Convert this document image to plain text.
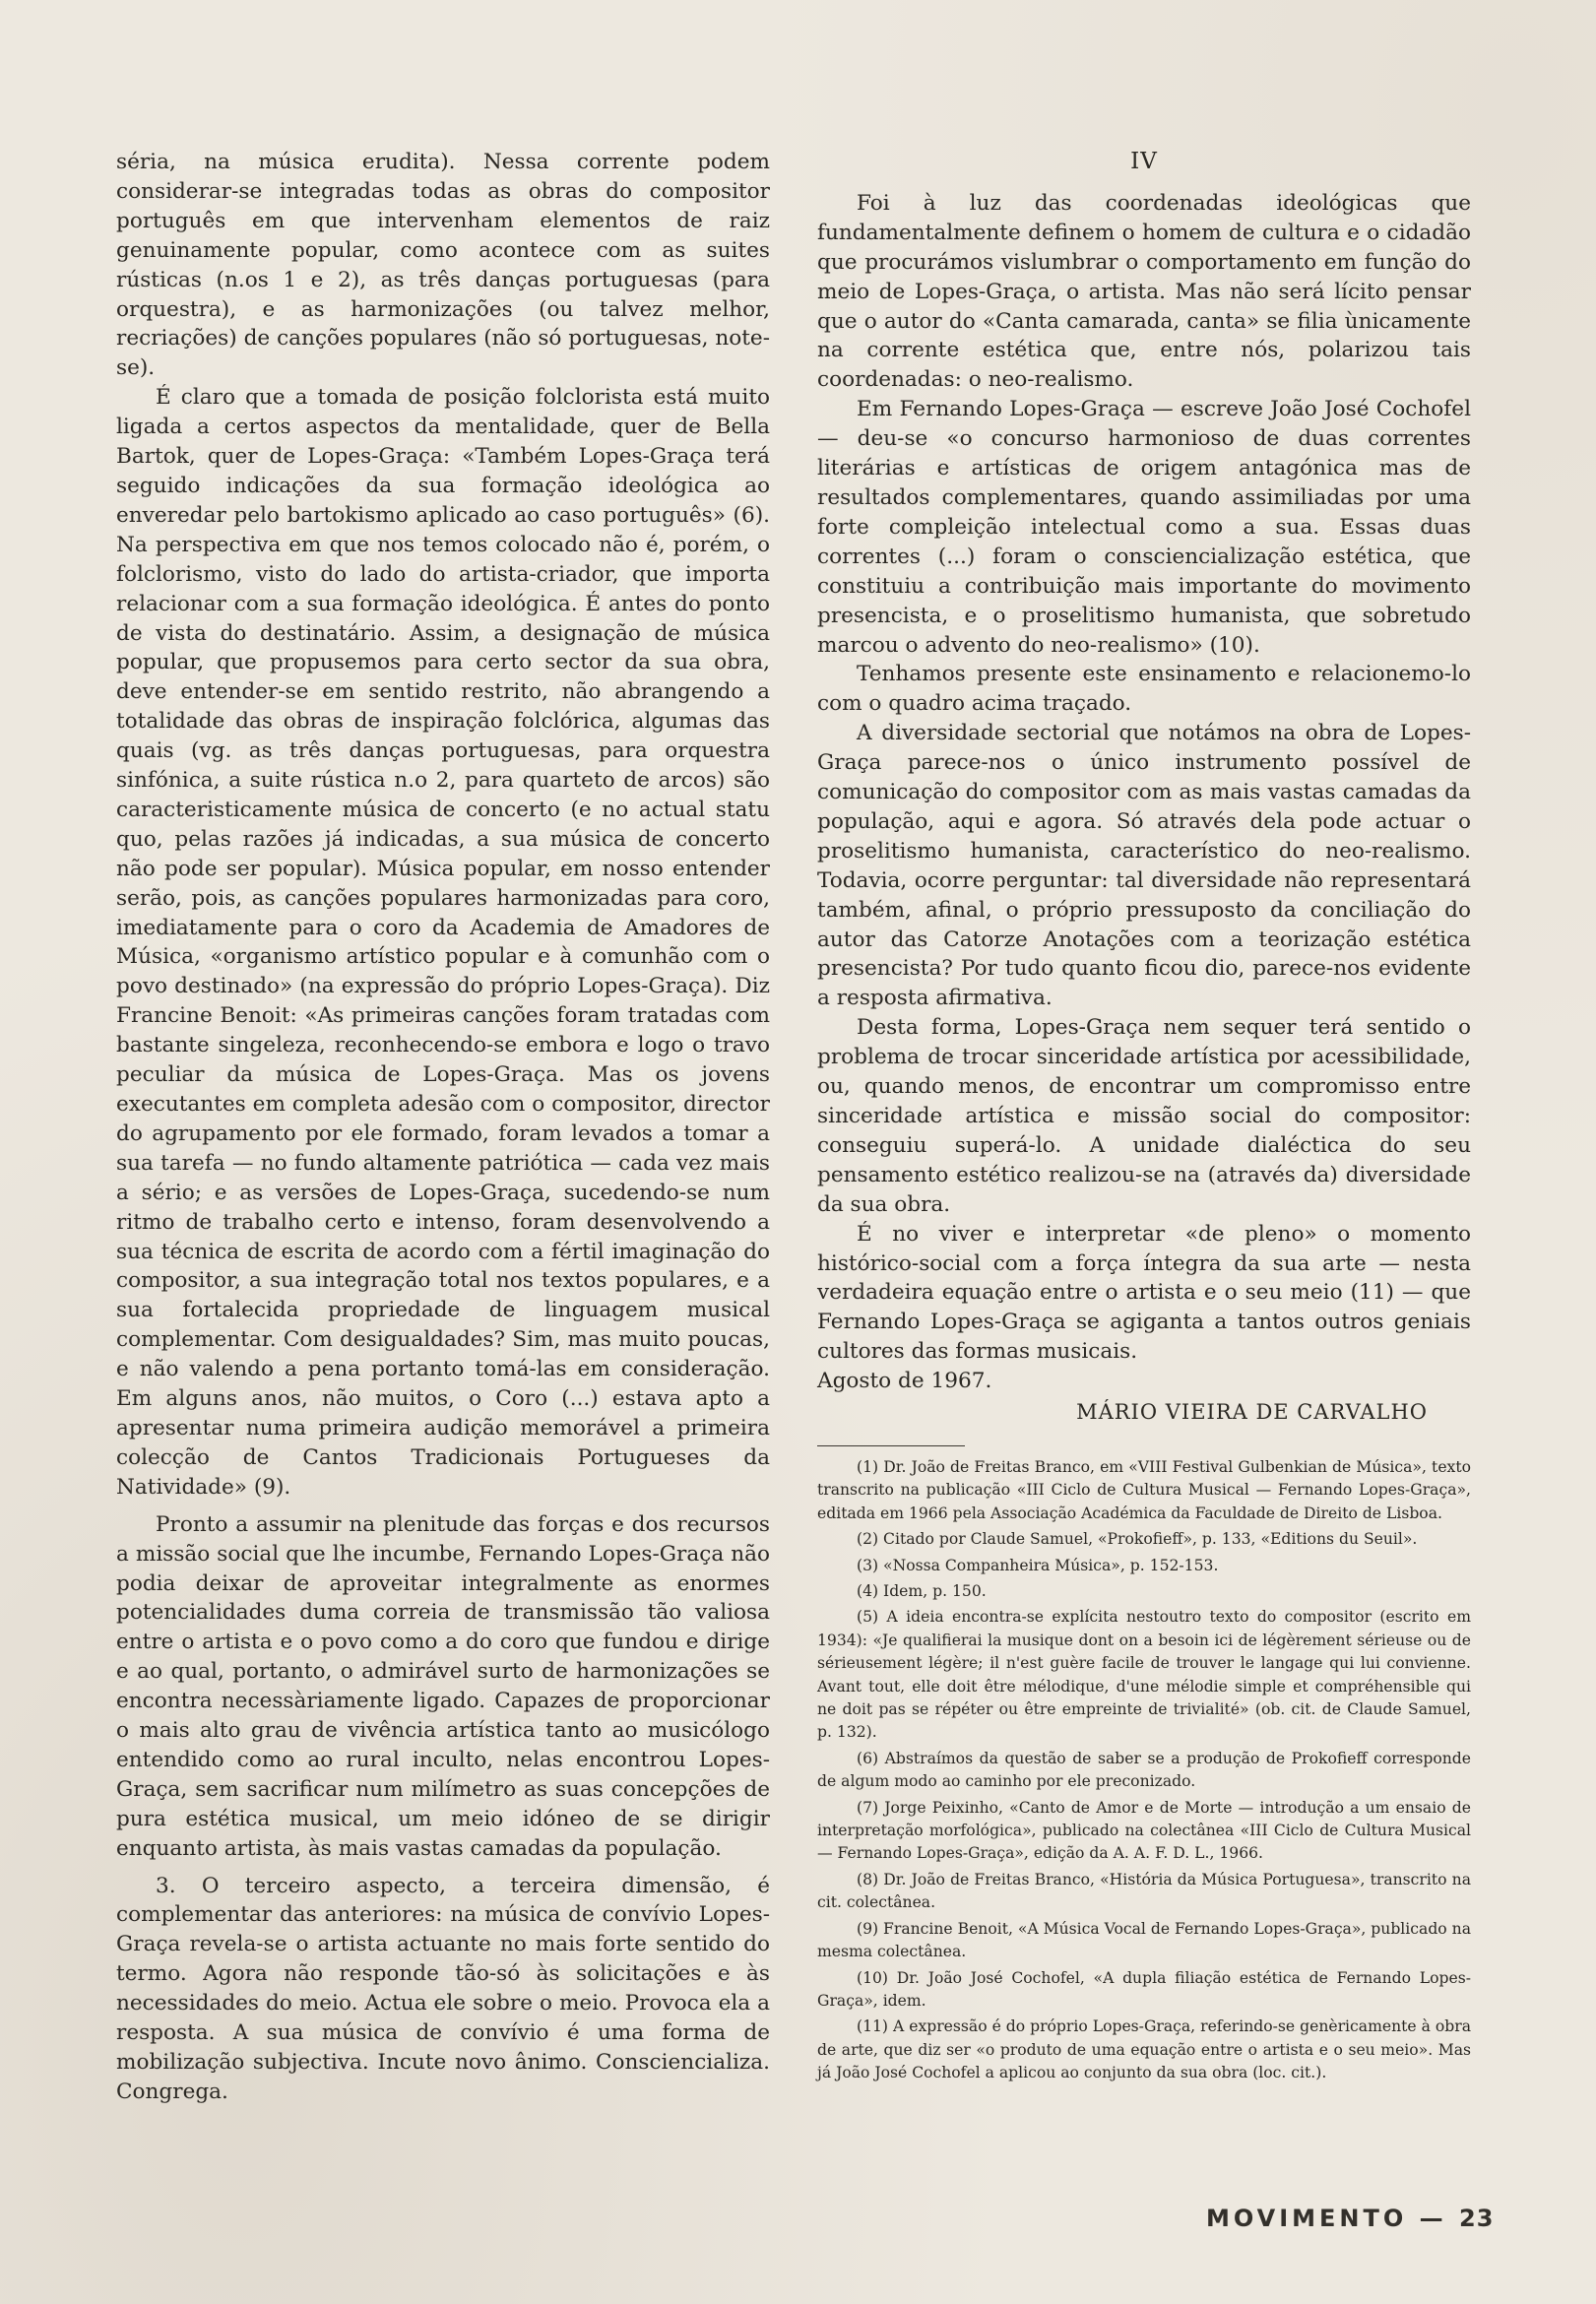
séria, na música erudita). Nessa corrente podem considerar-se integradas todas as obras do compositor português em que intervenham elementos de raiz genuinamente popular, como acontece com as suites rústicas (n.os 1 e 2), as três danças portuguesas (para orquestra), e as harmonizações (ou talvez melhor, recriações) de canções populares (não só portuguesas, note-se).

É claro que a tomada de posição folclorista está muito ligada a certos aspectos da mentalidade, quer de Bella Bartok, quer de Lopes-Graça: «Também Lopes-Graça terá seguido indicações da sua formação ideológica ao enveredar pelo bartokismo aplicado ao caso português» (6). Na perspectiva em que nos temos colocado não é, porém, o folclorismo, visto do lado do artista-criador, que importa relacionar com a sua formação ideológica. É antes do ponto de vista do destinatário. Assim, a designação de música popular, que propusemos para certo sector da sua obra, deve entender-se em sentido restrito, não abrangendo a totalidade das obras de inspiração folclórica, algumas das quais (vg. as três danças portuguesas, para orquestra sinfónica, a suite rústica n.o 2, para quarteto de arcos) são caracteristicamente música de concerto (e no actual statu quo, pelas razões já indicadas, a sua música de concerto não pode ser popular). Música popular, em nosso entender serão, pois, as canções populares harmonizadas para coro, imediatamente para o coro da Academia de Amadores de Música, «organismo artístico popular e à comunhão com o povo destinado» (na expressão do próprio Lopes-Graça). Diz Francine Benoit: «As primeiras canções foram tratadas com bastante singeleza, reconhecendo-se embora e logo o travo peculiar da música de Lopes-Graça. Mas os jovens executantes em completa adesão com o compositor, director do agrupamento por ele formado, foram levados a tomar a sua tarefa — no fundo altamente patriótica — cada vez mais a sério; e as versões de Lopes-Graça, sucedendo-se num ritmo de trabalho certo e intenso, foram desenvolvendo a sua técnica de escrita de acordo com a fértil imaginação do compositor, a sua integração total nos textos populares, e a sua fortalecida propriedade de linguagem musical complementar. Com desigualdades? Sim, mas muito poucas, e não valendo a pena portanto tomá-las em consideração. Em alguns anos, não muitos, o Coro (...) estava apto a apresentar numa primeira audição memorável a primeira colecção de Cantos Tradicionais Portugueses da Natividade» (9).

Pronto a assumir na plenitude das forças e dos recursos a missão social que lhe incumbe, Fernando Lopes-Graça não podia deixar de aproveitar integralmente as enormes potencialidades duma correia de transmissão tão valiosa entre o artista e o povo como a do coro que fundou e dirige e ao qual, portanto, o admirável surto de harmonizações se encontra necessàriamente ligado. Capazes de proporcionar o mais alto grau de vivência artística tanto ao musicólogo entendido como ao rural inculto, nelas encontrou Lopes-Graça, sem sacrificar num milímetro as suas concepções de pura estética musical, um meio idóneo de se dirigir enquanto artista, às mais vastas camadas da população.

3. O terceiro aspecto, a terceira dimensão, é complementar das anteriores: na música de convívio Lopes-Graça revela-se o artista actuante no mais forte sentido do termo. Agora não responde tão-só às solicitações e às necessidades do meio. Actua ele sobre o meio. Provoca ela a resposta. A sua música de convívio é uma forma de mobilização subjectiva. Incute novo ânimo. Consciencializa. Congrega.

IV

Foi à luz das coordenadas ideológicas que fundamentalmente definem o homem de cultura e o cidadão que procurámos vislumbrar o comportamento em função do meio de Lopes-Graça, o artista. Mas não será lícito pensar que o autor do «Canta camarada, canta» se filia ùnicamente na corrente estética que, entre nós, polarizou tais coordenadas: o neo-realismo.

Em Fernando Lopes-Graça — escreve João José Cochofel — deu-se «o concurso harmonioso de duas correntes literárias e artísticas de origem antagónica mas de resultados complementares, quando assimiliadas por uma forte compleição intelectual como a sua. Essas duas correntes (...) foram o consciencialização estética, que constituiu a contribuição mais importante do movimento presencista, e o proselitismo humanista, que sobretudo marcou o advento do neo-realismo» (10).

Tenhamos presente este ensinamento e relacionemo-lo com o quadro acima traçado.

A diversidade sectorial que notámos na obra de Lopes-Graça parece-nos o único instrumento possível de comunicação do compositor com as mais vastas camadas da população, aqui e agora. Só através dela pode actuar o proselitismo humanista, característico do neo-realismo. Todavia, ocorre perguntar: tal diversidade não representará também, afinal, o próprio pressuposto da conciliação do autor das Catorze Anotações com a teorização estética presencista? Por tudo quanto ficou dio, parece-nos evidente a resposta afirmativa.

Desta forma, Lopes-Graça nem sequer terá sentido o problema de trocar sinceridade artística por acessibilidade, ou, quando menos, de encontrar um compromisso entre sinceridade artística e missão social do compositor: conseguiu superá-lo. A unidade dialéctica do seu pensamento estético realizou-se na (através da) diversidade da sua obra.

É no viver e interpretar «de pleno» o momento histórico-social com a força íntegra da sua arte — nesta verdadeira equação entre o artista e o seu meio (11) — que Fernando Lopes-Graça se agiganta a tantos outros geniais cultores das formas musicais.

Agosto de 1967.

MÁRIO VIEIRA DE CARVALHO

(1) Dr. João de Freitas Branco, em «VIII Festival Gulbenkian de Música», texto transcrito na publicação «III Ciclo de Cultura Musical — Fernando Lopes-Graça», editada em 1966 pela Associação Académica da Faculdade de Direito de Lisboa.

(2) Citado por Claude Samuel, «Prokofieff», p. 133, «Editions du Seuil».

(3) «Nossa Companheira Música», p. 152-153.

(4) Idem, p. 150.

(5) A ideia encontra-se explícita nestoutro texto do compositor (escrito em 1934): «Je qualifierai la musique dont on a besoin ici de légèrement sérieuse ou de sérieusement légère; il n'est guère facile de trouver le langage qui lui convienne. Avant tout, elle doit être mélodique, d'une mélodie simple et compréhensible qui ne doit pas se répéter ou être empreinte de trivialité» (ob. cit. de Claude Samuel, p. 132).

(6) Abstraímos da questão de saber se a produção de Prokofieff corresponde de algum modo ao caminho por ele preconizado.

(7) Jorge Peixinho, «Canto de Amor e de Morte — introdução a um ensaio de interpretação morfológica», publicado na colectânea «III Ciclo de Cultura Musical — Fernando Lopes-Graça», edição da A. A. F. D. L., 1966.

(8) Dr. João de Freitas Branco, «História da Música Portuguesa», transcrito na cit. colectânea.

(9) Francine Benoit, «A Música Vocal de Fernando Lopes-Graça», publicado na mesma colectânea.

(10) Dr. João José Cochofel, «A dupla filiação estética de Fernando Lopes-Graça», idem.

(11) A expressão é do próprio Lopes-Graça, referindo-se genèricamente à obra de arte, que diz ser «o produto de uma equação entre o artista e o seu meio». Mas já João José Cochofel a aplicou ao conjunto da sua obra (loc. cit.).

MOVIMENTO — 23
